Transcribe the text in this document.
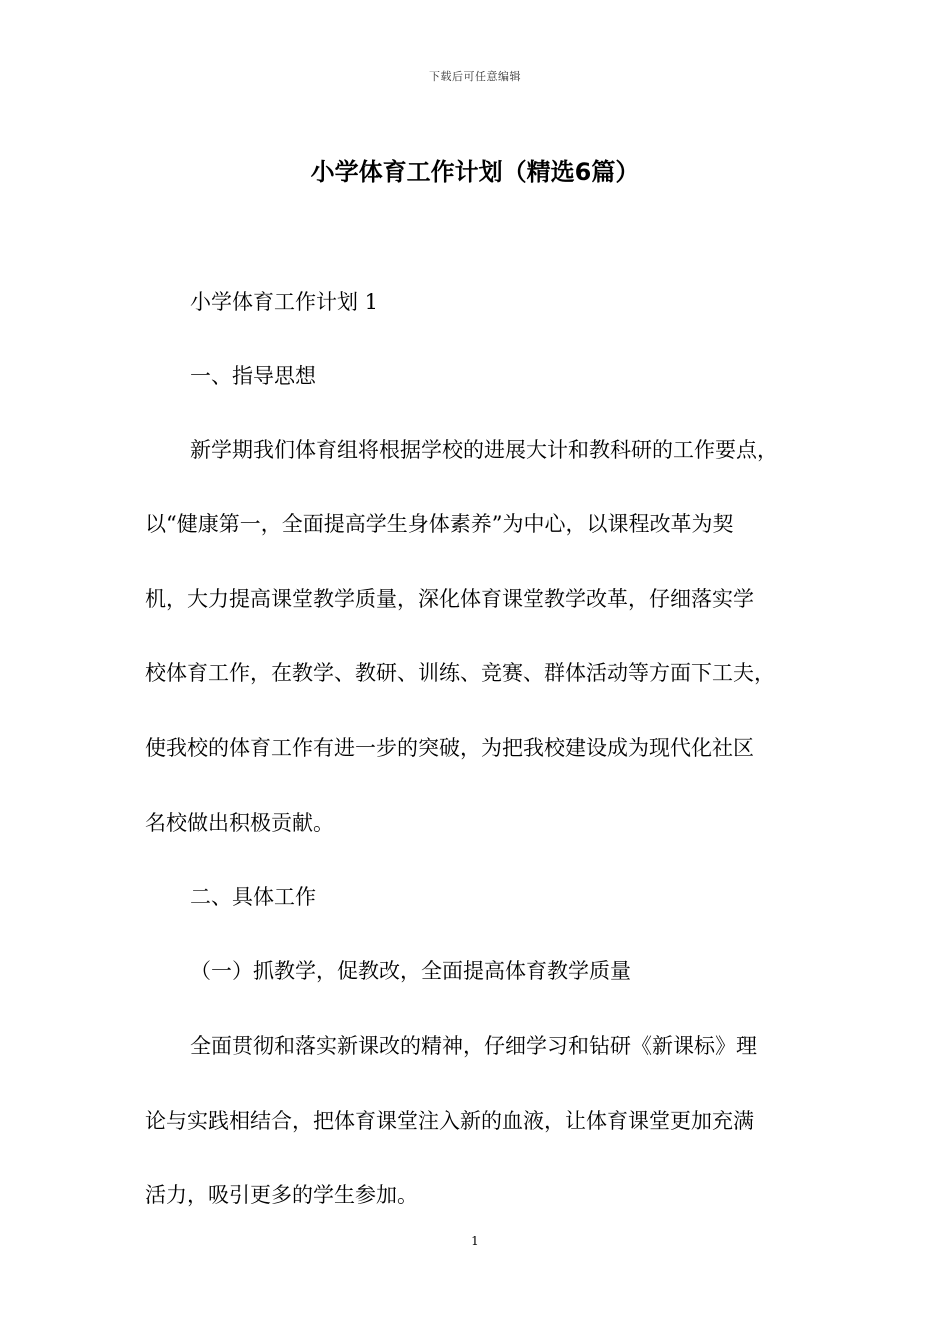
下载后可任意编辑
小学体育工作计划（精选6篇）
小学体育工作计划 1
一、指导思想
新学期我们体育组将根据学校的进展大计和教科研的工作要点，
以“健康第一，全面提高学生身体素养”为中心，以课程改革为契
机，大力提高课堂教学质量，深化体育课堂教学改革，仔细落实学
校体育工作，在教学、教研、训练、竞赛、群体活动等方面下工夫，
使我校的体育工作有进一步的突破，为把我校建设成为现代化社区
名校做出积极贡献。
二、具体工作
（一）抓教学，促教改，全面提高体育教学质量
全面贯彻和落实新课改的精神，仔细学习和钻研《新课标》理
论与实践相结合，把体育课堂注入新的血液，让体育课堂更加充满
活力，吸引更多的学生参加。
1
